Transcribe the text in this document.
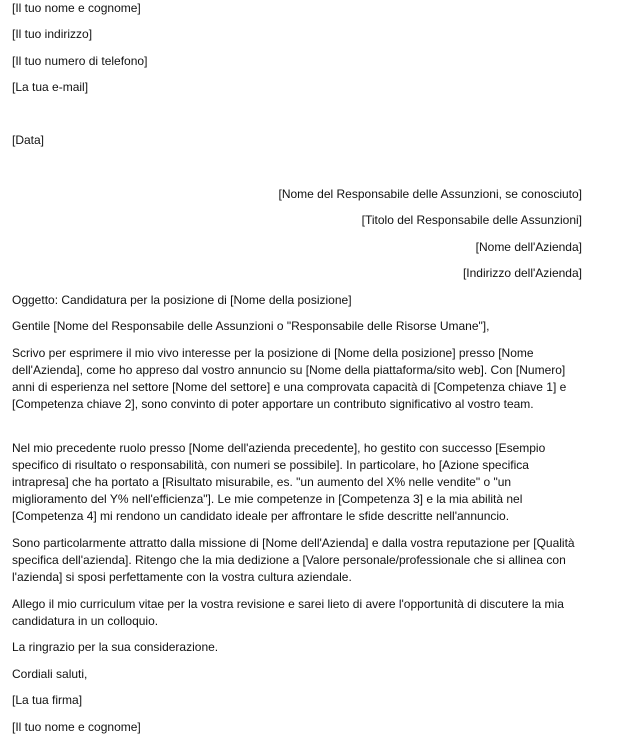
[Il tuo nome e cognome]
[Il tuo indirizzo]
[Il tuo numero di telefono]
[La tua e-mail]
[Data]
[Nome del Responsabile delle Assunzioni, se conosciuto]
[Titolo del Responsabile delle Assunzioni]
[Nome dell'Azienda]
[Indirizzo dell'Azienda]
Oggetto: Candidatura per la posizione di [Nome della posizione]
Gentile [Nome del Responsabile delle Assunzioni o "Responsabile delle Risorse Umane"],
Scrivo per esprimere il mio vivo interesse per la posizione di [Nome della posizione] presso [Nome dell'Azienda], come ho appreso dal vostro annuncio su [Nome della piattaforma/sito web]. Con [Numero] anni di esperienza nel settore [Nome del settore] e una comprovata capacità di [Competenza chiave 1] e [Competenza chiave 2], sono convinto di poter apportare un contributo significativo al vostro team.
Nel mio precedente ruolo presso [Nome dell'azienda precedente], ho gestito con successo [Esempio specifico di risultato o responsabilità, con numeri se possibile]. In particolare, ho [Azione specifica intrapresa] che ha portato a [Risultato misurabile, es. "un aumento del X% nelle vendite" o "un miglioramento del Y% nell'efficienza"]. Le mie competenze in [Competenza 3] e la mia abilità nel [Competenza 4] mi rendono un candidato ideale per affrontare le sfide descritte nell'annuncio.
Sono particolarmente attratto dalla missione di [Nome dell'Azienda] e dalla vostra reputazione per [Qualità specifica dell'azienda]. Ritengo che la mia dedizione a [Valore personale/professionale che si allinea con l'azienda] si sposi perfettamente con la vostra cultura aziendale.
Allego il mio curriculum vitae per la vostra revisione e sarei lieto di avere l'opportunità di discutere la mia candidatura in un colloquio.
La ringrazio per la sua considerazione.
Cordiali saluti,
[La tua firma]
[Il tuo nome e cognome]
